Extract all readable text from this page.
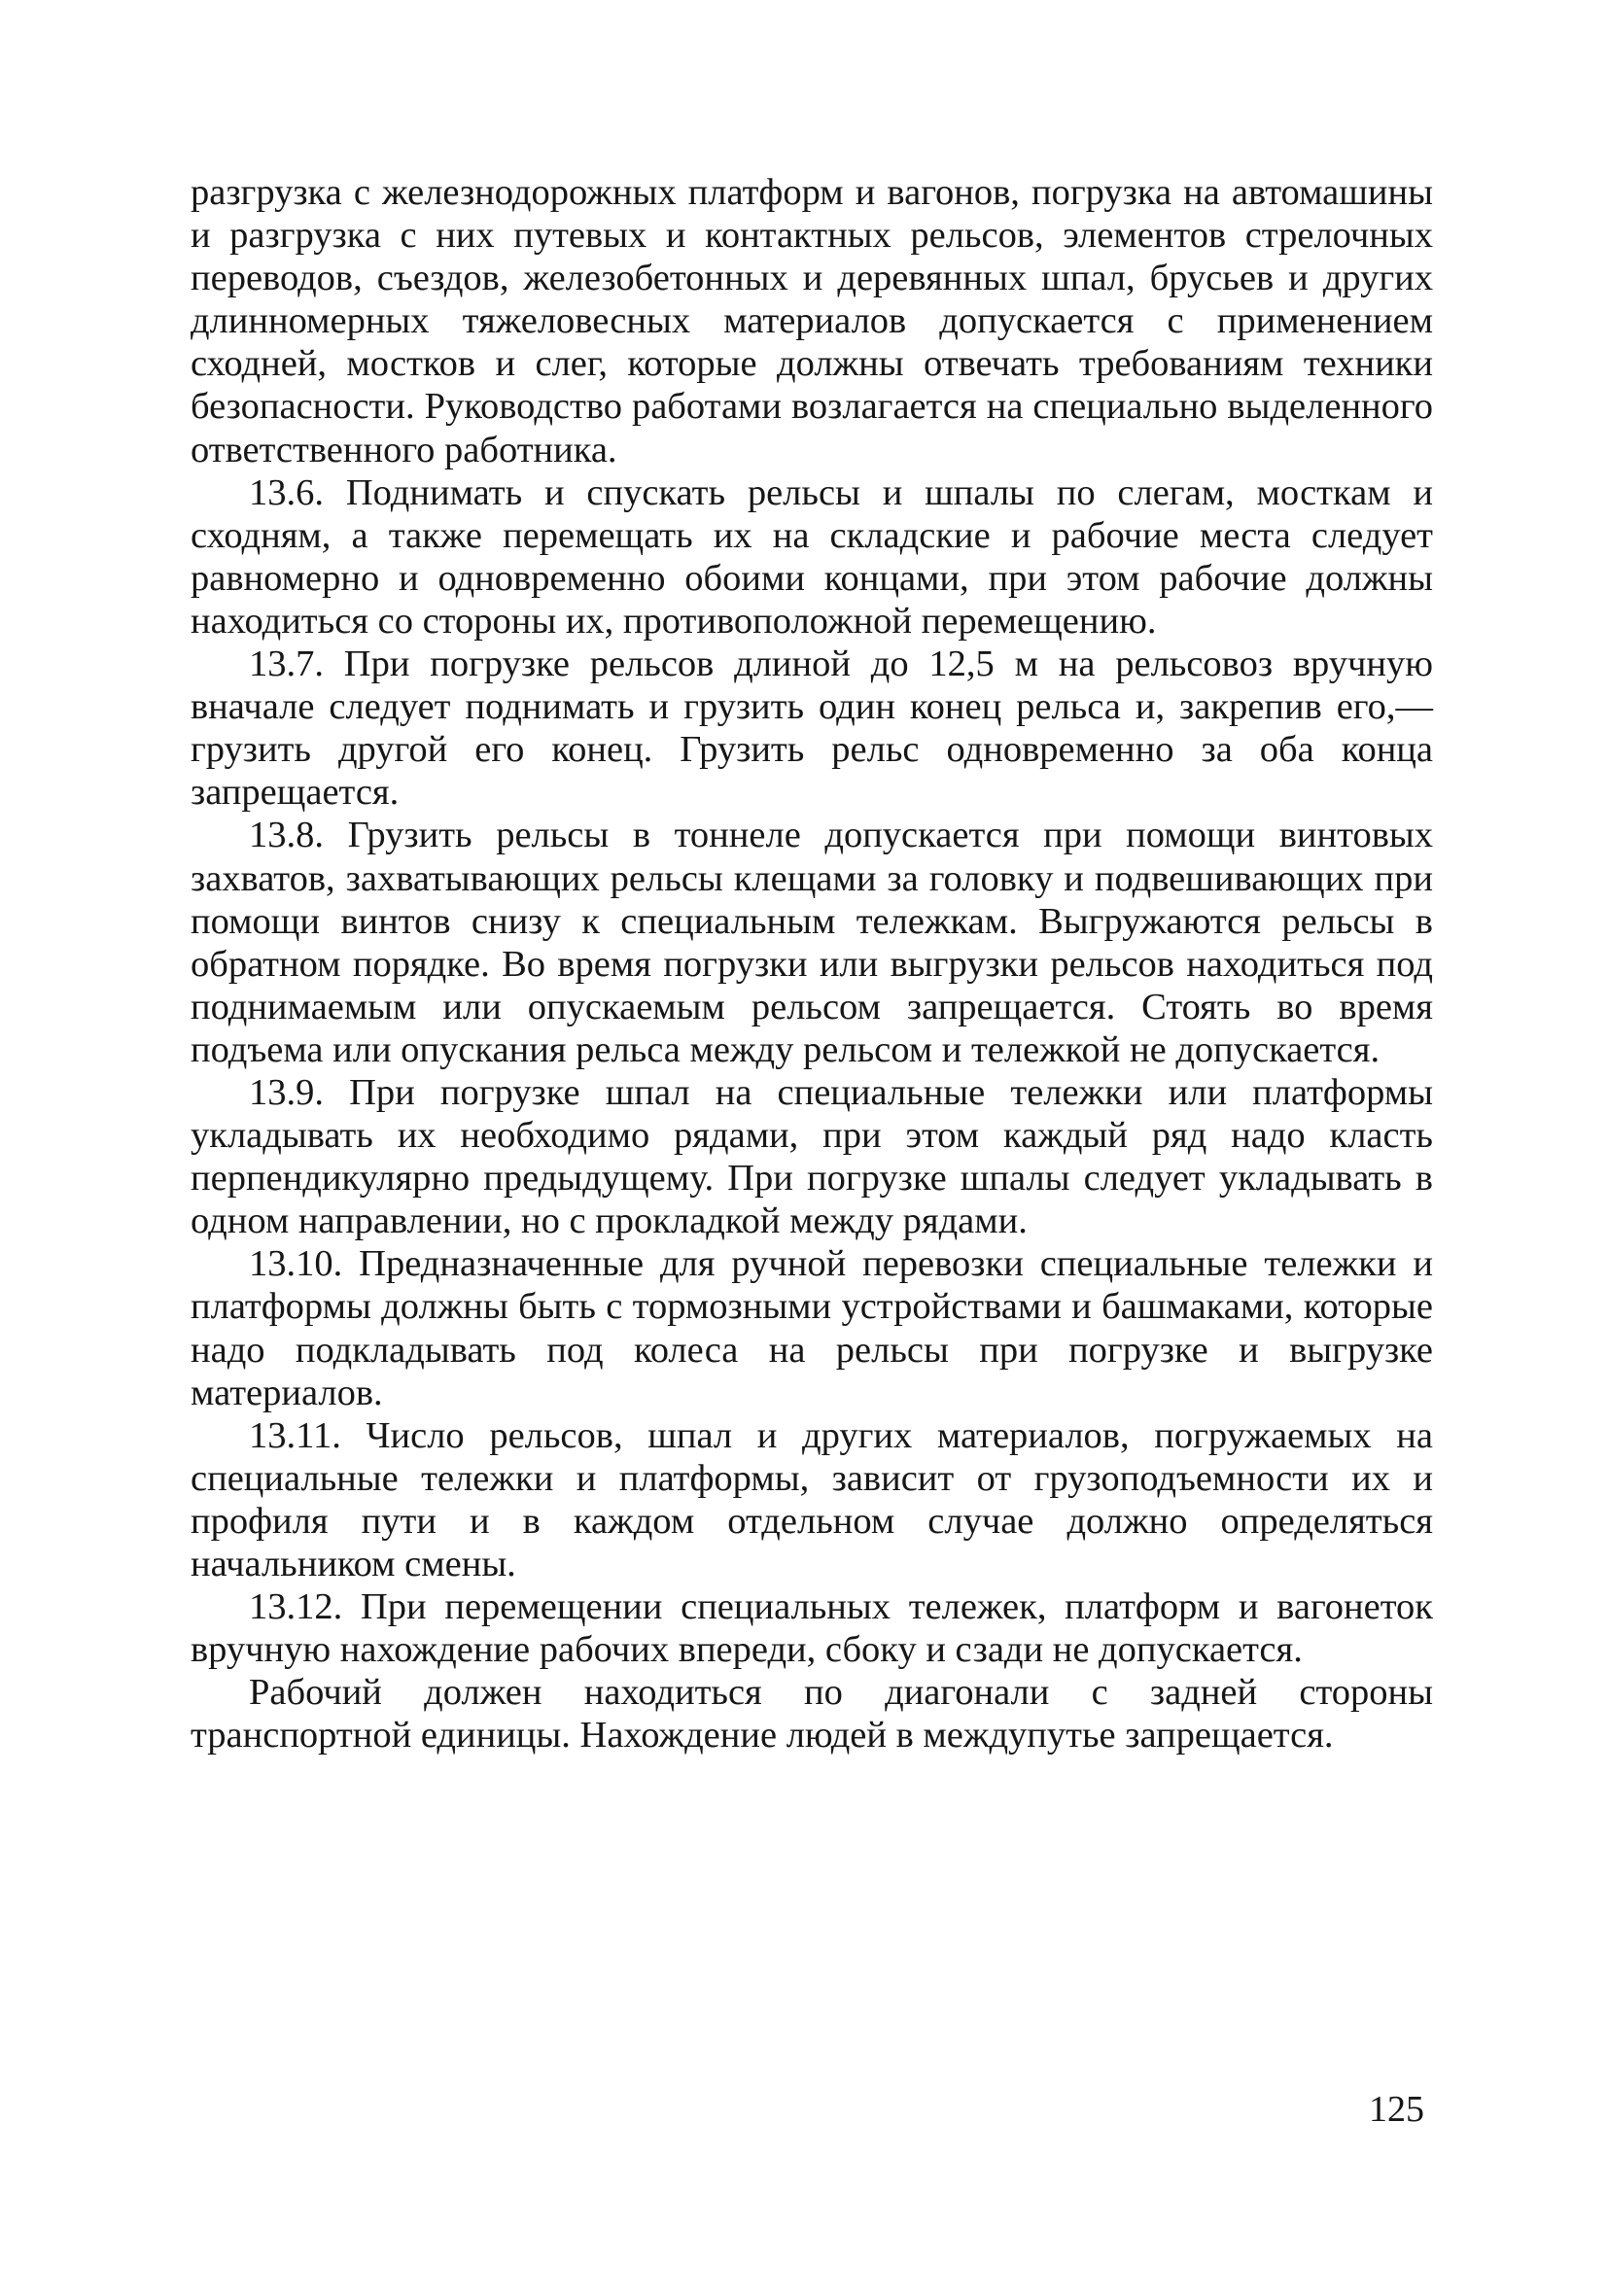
разгрузка с железнодорожных платформ и вагонов, погрузка на автомашины и разгрузка с них путевых и контактных рельсов, элементов стрелочных переводов, съездов, железобетонных и деревянных шпал, брусьев и других длинномерных тяжеловесных материалов допускается с применением сходней, мостков и слег, которые должны отвечать требованиям техники безопасности. Руководство работами возлагается на специально выделенного ответственного работника.

13.6. Поднимать и спускать рельсы и шпалы по слегам, мосткам и сходням, а также перемещать их на складские и рабочие места следует равномерно и одновременно обоими концами, при этом рабочие должны находиться со стороны их, противоположной перемещению.

13.7. При погрузке рельсов длиной до 12,5 м на рельсовоз вручную вначале следует поднимать и грузить один конец рельса и, закрепив его,—грузить другой его конец. Грузить рельс одновременно за оба конца запрещается.

13.8. Грузить рельсы в тоннеле допускается при помощи винтовых захватов, захватывающих рельсы клещами за головку и подвешивающих при помощи винтов снизу к специальным тележкам. Выгружаются рельсы в обратном порядке. Во время погрузки или выгрузки рельсов находиться под поднимаемым или опускаемым рельсом запрещается. Стоять во время подъема или опускания рельса между рельсом и тележкой не допускается.

13.9. При погрузке шпал на специальные тележки или платформы укладывать их необходимо рядами, при этом каждый ряд надо класть перпендикулярно предыдущему. При погрузке шпалы следует укладывать в одном направлении, но с прокладкой между рядами.

13.10. Предназначенные для ручной перевозки специальные тележки и платформы должны быть с тормозными устройствами и башмаками, которые надо подкладывать под колеса на рельсы при погрузке и выгрузке материалов.

13.11. Число рельсов, шпал и других материалов, погружаемых на специальные тележки и платформы, зависит от грузоподъемности их и профиля пути и в каждом отдельном случае должно определяться начальником смены.

13.12. При перемещении специальных тележек, платформ и вагонеток вручную нахождение рабочих впереди, сбоку и сзади не допускается.

Рабочий должен находиться по диагонали с задней стороны транспортной единицы. Нахождение людей в междупутье запрещается.

125
